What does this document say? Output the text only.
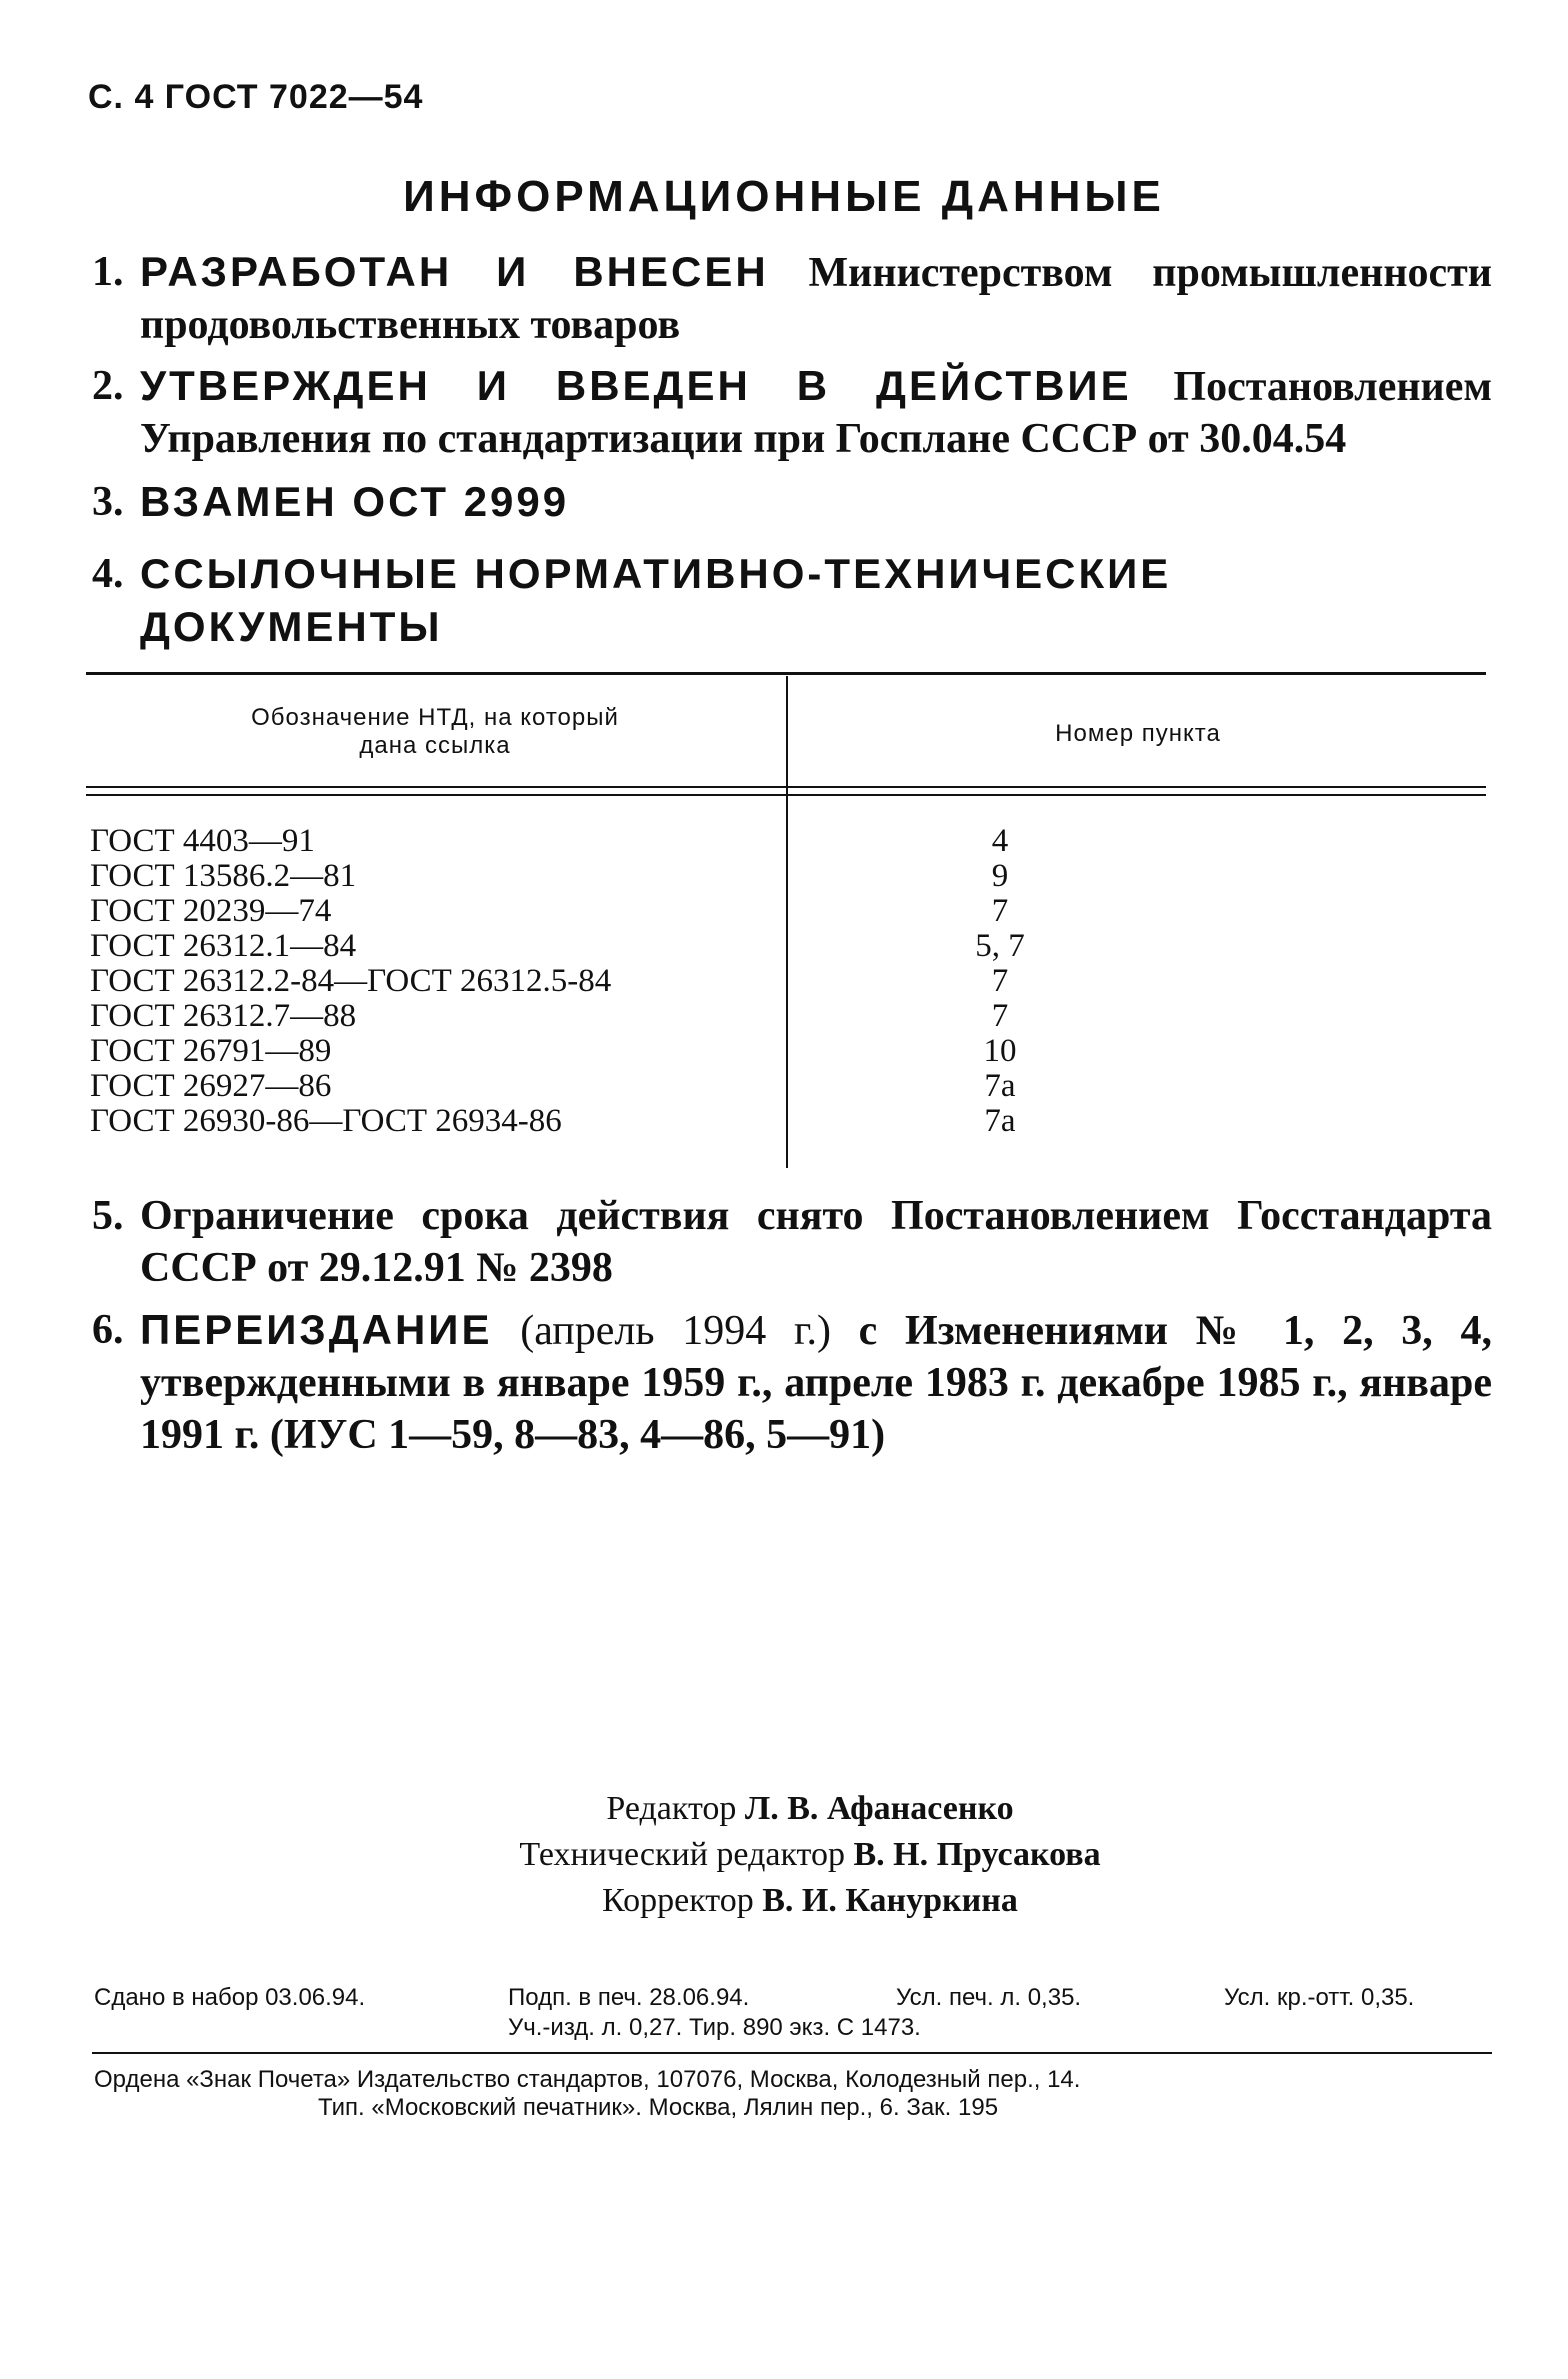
С. 4 ГОСТ 7022—54
ИНФОРМАЦИОННЫЕ ДАННЫЕ
1. РАЗРАБОТАН И ВНЕСЕН Министерством промышленности продовольственных товаров
2. УТВЕРЖДЕН И ВВЕДЕН В ДЕЙСТВИЕ Постановлением Управления по стандартизации при Госплане СССР от 30.04.54
3. ВЗАМЕН ОСТ 2999
4. ССЫЛОЧНЫЕ НОРМАТИВНО-ТЕХНИЧЕСКИЕ ДОКУМЕНТЫ
Обозначение НТД, на который
дана ссылка	Номер пункта
ГОСТ 4403—91	4
ГОСТ 13586.2—81	9
ГОСТ 20239—74	7
ГОСТ 26312.1—84	5, 7
ГОСТ 26312.2-84—ГОСТ 26312.5-84	7
ГОСТ 26312.7—88	7
ГОСТ 26791—89	10
ГОСТ 26927—86	7а
ГОСТ 26930-86—ГОСТ 26934-86	7а
5. Ограничение срока действия снято Постановлением Госстандарта СССР от 29.12.91 № 2398
6. ПЕРЕИЗДАНИЕ (апрель 1994 г.) с Изменениями № 1, 2, 3, 4, утвержденными в январе 1959 г., апреле 1983 г. декабре 1985 г., январе 1991 г. (ИУС 1—59, 8—83, 4—86, 5—91)
Редактор Л. В. Афанасенко
Технический редактор В. Н. Прусакова
Корректор В. И. Кануркина
Сдано в набор 03.06.94.	Подп. в печ. 28.06.94.	Усл. печ. л. 0,35.	Усл. кр.-отт. 0,35.
Уч.-изд. л. 0,27. Тир. 890 экз. С 1473.
Ордена «Знак Почета» Издательство стандартов, 107076, Москва, Колодезный пер., 14.
Тип. «Московский печатник». Москва, Лялин пер., 6. Зак. 195
